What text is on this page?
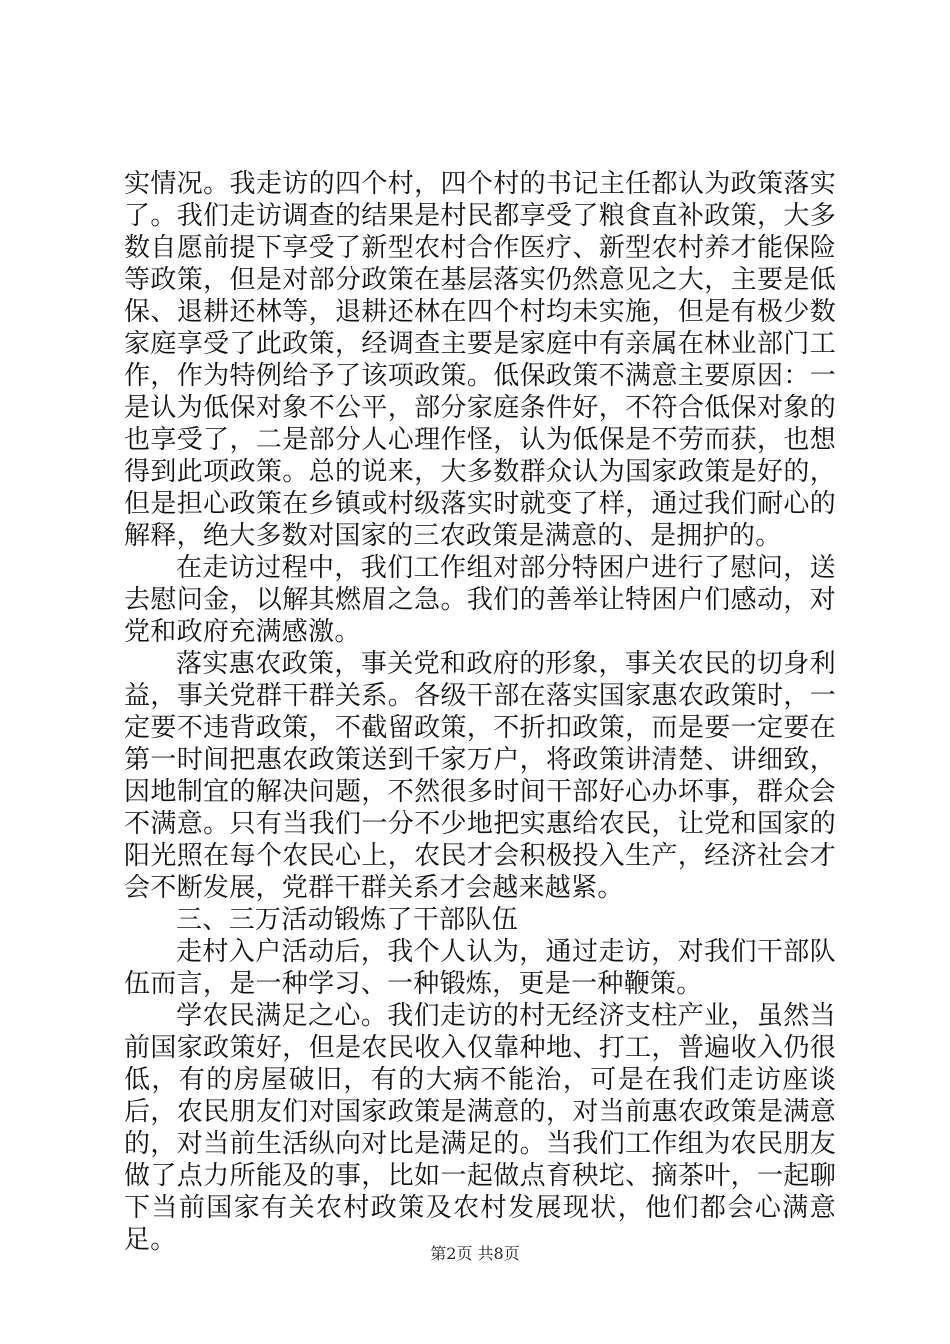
实情况。我走访的四个村，四个村的书记主任都认为政策落实了。我们走访调查的结果是村民都享受了粮食直补政策，大多数自愿前提下享受了新型农村合作医疗、新型农村养才能保险等政策，但是对部分政策在基层落实仍然意见之大，主要是低保、退耕还林等，退耕还林在四个村均未实施，但是有极少数家庭享受了此政策，经调查主要是家庭中有亲属在林业部门工作，作为特例给予了该项政策。低保政策不满意主要原因：一是认为低保对象不公平，部分家庭条件好，不符合低保对象的也享受了，二是部分人心理作怪，认为低保是不劳而获，也想得到此项政策。总的说来，大多数群众认为国家政策是好的，但是担心政策在乡镇或村级落实时就变了样，通过我们耐心的解释，绝大多数对国家的三农政策是满意的、是拥护的。

在走访过程中，我们工作组对部分特困户进行了慰问，送去慰问金，以解其燃眉之急。我们的善举让特困户们感动，对党和政府充满感激。

落实惠农政策，事关党和政府的形象，事关农民的切身利益，事关党群干群关系。各级干部在落实国家惠农政策时，一定要不违背政策，不截留政策，不折扣政策，而是要一定要在第一时间把惠农政策送到千家万户，将政策讲清楚、讲细致，因地制宜的解决问题，不然很多时间干部好心办坏事，群众会不满意。只有当我们一分不少地把实惠给农民，让党和国家的阳光照在每个农民心上，农民才会积极投入生产，经济社会才会不断发展，党群干群关系才会越来越紧。

三、三万活动锻炼了干部队伍

走村入户活动后，我个人认为，通过走访，对我们干部队伍而言，是一种学习、一种锻炼，更是一种鞭策。

学农民满足之心。我们走访的村无经济支柱产业，虽然当前国家政策好，但是农民收入仅靠种地、打工，普遍收入仍很低，有的房屋破旧，有的大病不能治，可是在我们走访座谈后，农民朋友们对国家政策是满意的，对当前惠农政策是满意的，对当前生活纵向对比是满足的。当我们工作组为农民朋友做了点力所能及的事，比如一起做点育秧坨、摘茶叶，一起聊下当前国家有关农村政策及农村发展现状，他们都会心满意足。	第2页 共8页
